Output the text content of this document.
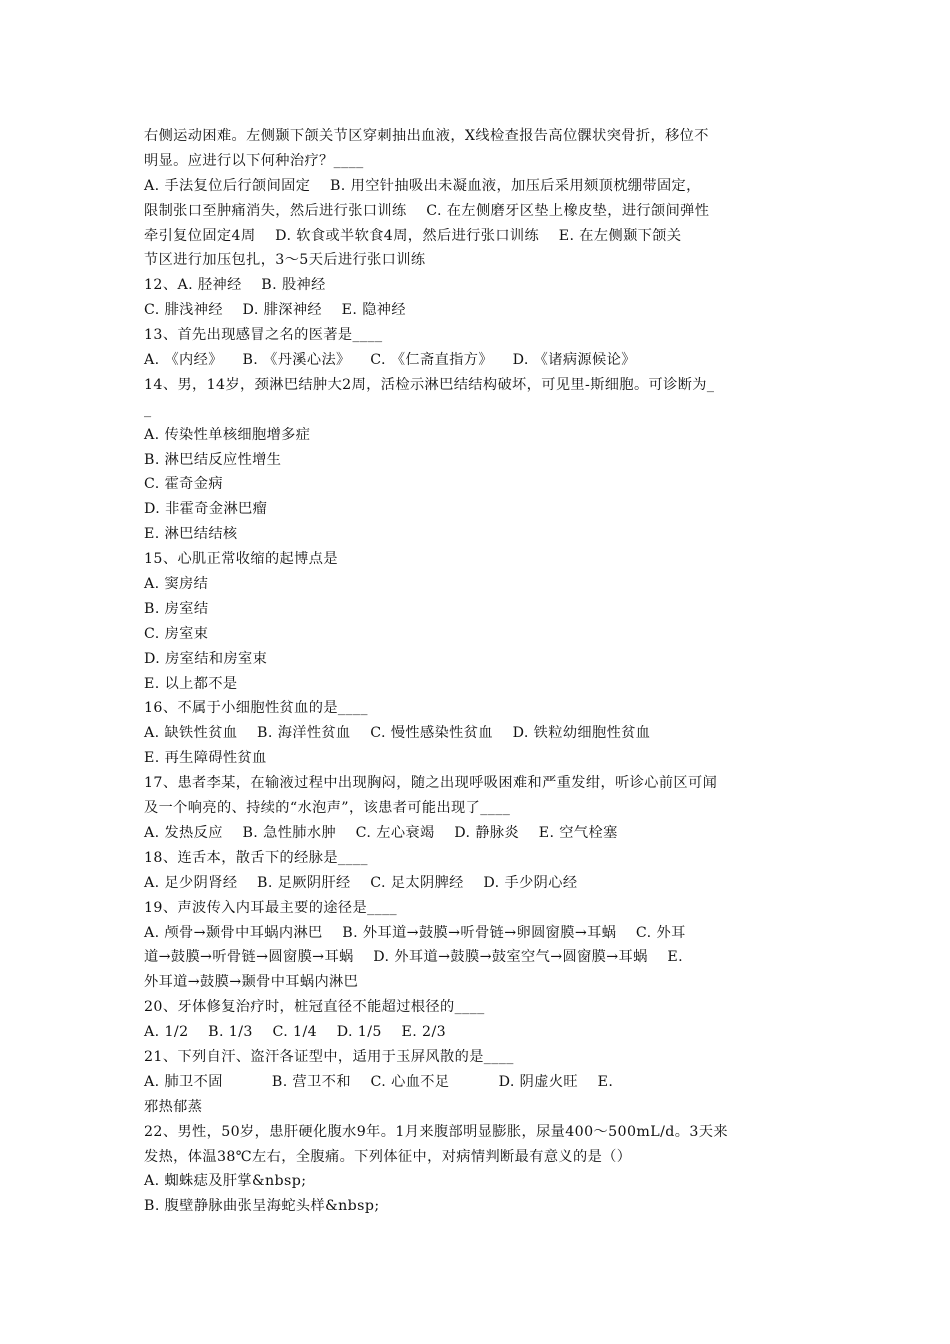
右侧运动困难。左侧颞下颌关节区穿刺抽出血液，X线检查报告高位髁状突骨折，移位不
明显。应进行以下何种治疗？____
A. 手法复位后行颌间固定    B. 用空针抽吸出未凝血液，加压后采用颏顶枕绷带固定，
限制张口至肿痛消失，然后进行张口训练    C. 在左侧磨牙区垫上橡皮垫，进行颌间弹性
牵引复位固定4周    D. 软食或半软食4周，然后进行张口训练    E. 在左侧颞下颌关
节区进行加压包扎，3～5天后进行张口训练
12、A. 胫神经    B. 股神经
C. 腓浅神经    D. 腓深神经    E. 隐神经
13、首先出现感冒之名的医著是____
A. 《内经》    B. 《丹溪心法》    C. 《仁斋直指方》    D. 《诸病源候论》
14、男，14岁，颈淋巴结肿大2周，活检示淋巴结结构破坏，可见里-斯细胞。可诊断为_
_
A. 传染性单核细胞增多症
B. 淋巴结反应性增生
C. 霍奇金病
D. 非霍奇金淋巴瘤
E. 淋巴结结核
15、心肌正常收缩的起博点是
A. 窦房结
B. 房室结
C. 房室束
D. 房室结和房室束
E. 以上都不是
16、不属于小细胞性贫血的是____
A. 缺铁性贫血    B. 海洋性贫血    C. 慢性感染性贫血    D. 铁粒幼细胞性贫血
E. 再生障碍性贫血
17、患者李某，在输液过程中出现胸闷，随之出现呼吸困难和严重发绀，听诊心前区可闻
及一个响亮的、持续的“水泡声”，该患者可能出现了____
A. 发热反应    B. 急性肺水肿    C. 左心衰竭    D. 静脉炎    E. 空气栓塞
18、连舌本，散舌下的经脉是____
A. 足少阴肾经    B. 足厥阴肝经    C. 足太阴脾经    D. 手少阴心经
19、声波传入内耳最主要的途径是____
A. 颅骨→颞骨中耳蜗内淋巴    B. 外耳道→鼓膜→听骨链→卵圆窗膜→耳蜗    C. 外耳
道→鼓膜→听骨链→圆窗膜→耳蜗    D. 外耳道→鼓膜→鼓室空气→圆窗膜→耳蜗    E.
外耳道→鼓膜→颞骨中耳蜗内淋巴
20、牙体修复治疗时，桩冠直径不能超过根径的____
A. 1/2    B. 1/3    C. 1/4    D. 1/5    E. 2/3
21、下列自汗、盗汗各证型中，适用于玉屏风散的是____
A. 肺卫不固          B. 营卫不和    C. 心血不足          D. 阴虚火旺    E.
邪热郁蒸
22、男性，50岁，患肝硬化腹水9年。1月来腹部明显膨胀，尿量400～500mL/d。3天来
发热，体温38℃左右，全腹痛。下列体征中，对病情判断最有意义的是（）
A. 蜘蛛痣及肝掌&nbsp;
B. 腹壁静脉曲张呈海蛇头样&nbsp;
